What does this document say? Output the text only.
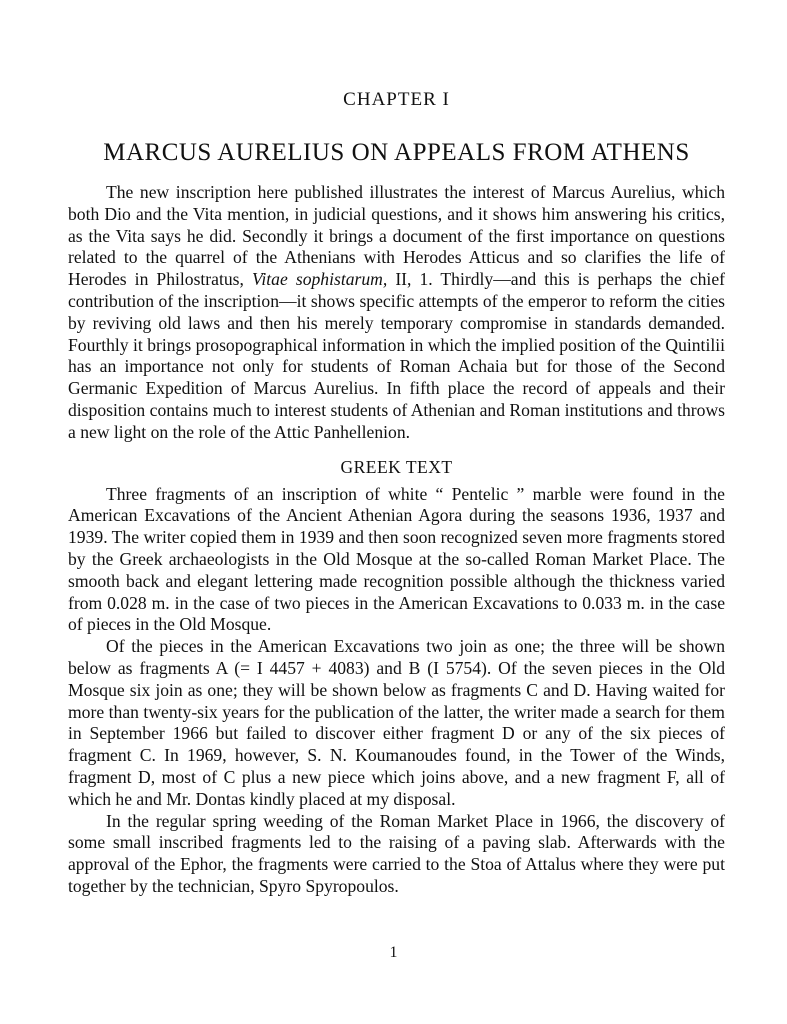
CHAPTER I
MARCUS AURELIUS ON APPEALS FROM ATHENS

The new inscription here published illustrates the interest of Marcus Aurelius, which both Dio and the Vita mention, in judicial questions, and it shows him answering his critics, as the Vita says he did. Secondly it brings a document of the first importance on questions related to the quarrel of the Athenians with Herodes Atticus and so clarifies the life of Herodes in Philostratus, Vitae sophistarum, II, 1. Thirdly—and this is perhaps the chief contribution of the inscription—it shows specific attempts of the emperor to reform the cities by reviving old laws and then his merely temporary compromise in standards demanded. Fourthly it brings prosopographical information in which the implied position of the Quintilii has an importance not only for students of Roman Achaia but for those of the Second Germanic Expedition of Marcus Aurelius. In fifth place the record of appeals and their disposition contains much to interest students of Athenian and Roman institutions and throws a new light on the role of the Attic Panhellenion.

GREEK TEXT

Three fragments of an inscription of white “ Pentelic ” marble were found in the American Excavations of the Ancient Athenian Agora during the seasons 1936, 1937 and 1939. The writer copied them in 1939 and then soon recognized seven more fragments stored by the Greek archaeologists in the Old Mosque at the so-called Roman Market Place. The smooth back and elegant lettering made recognition possible although the thickness varied from 0.028 m. in the case of two pieces in the American Excavations to 0.033 m. in the case of pieces in the Old Mosque.

Of the pieces in the American Excavations two join as one; the three will be shown below as fragments A (= I 4457 + 4083) and B (I 5754). Of the seven pieces in the Old Mosque six join as one; they will be shown below as fragments C and D. Having waited for more than twenty-six years for the publication of the latter, the writer made a search for them in September 1966 but failed to discover either fragment D or any of the six pieces of fragment C. In 1969, however, S. N. Koumanoudes found, in the Tower of the Winds, fragment D, most of C plus a new piece which joins above, and a new fragment F, all of which he and Mr. Dontas kindly placed at my disposal.

In the regular spring weeding of the Roman Market Place in 1966, the discovery of some small inscribed fragments led to the raising of a paving slab. Afterwards with the approval of the Ephor, the fragments were carried to the Stoa of Attalus where they were put together by the technician, Spyro Spyropoulos.

1
